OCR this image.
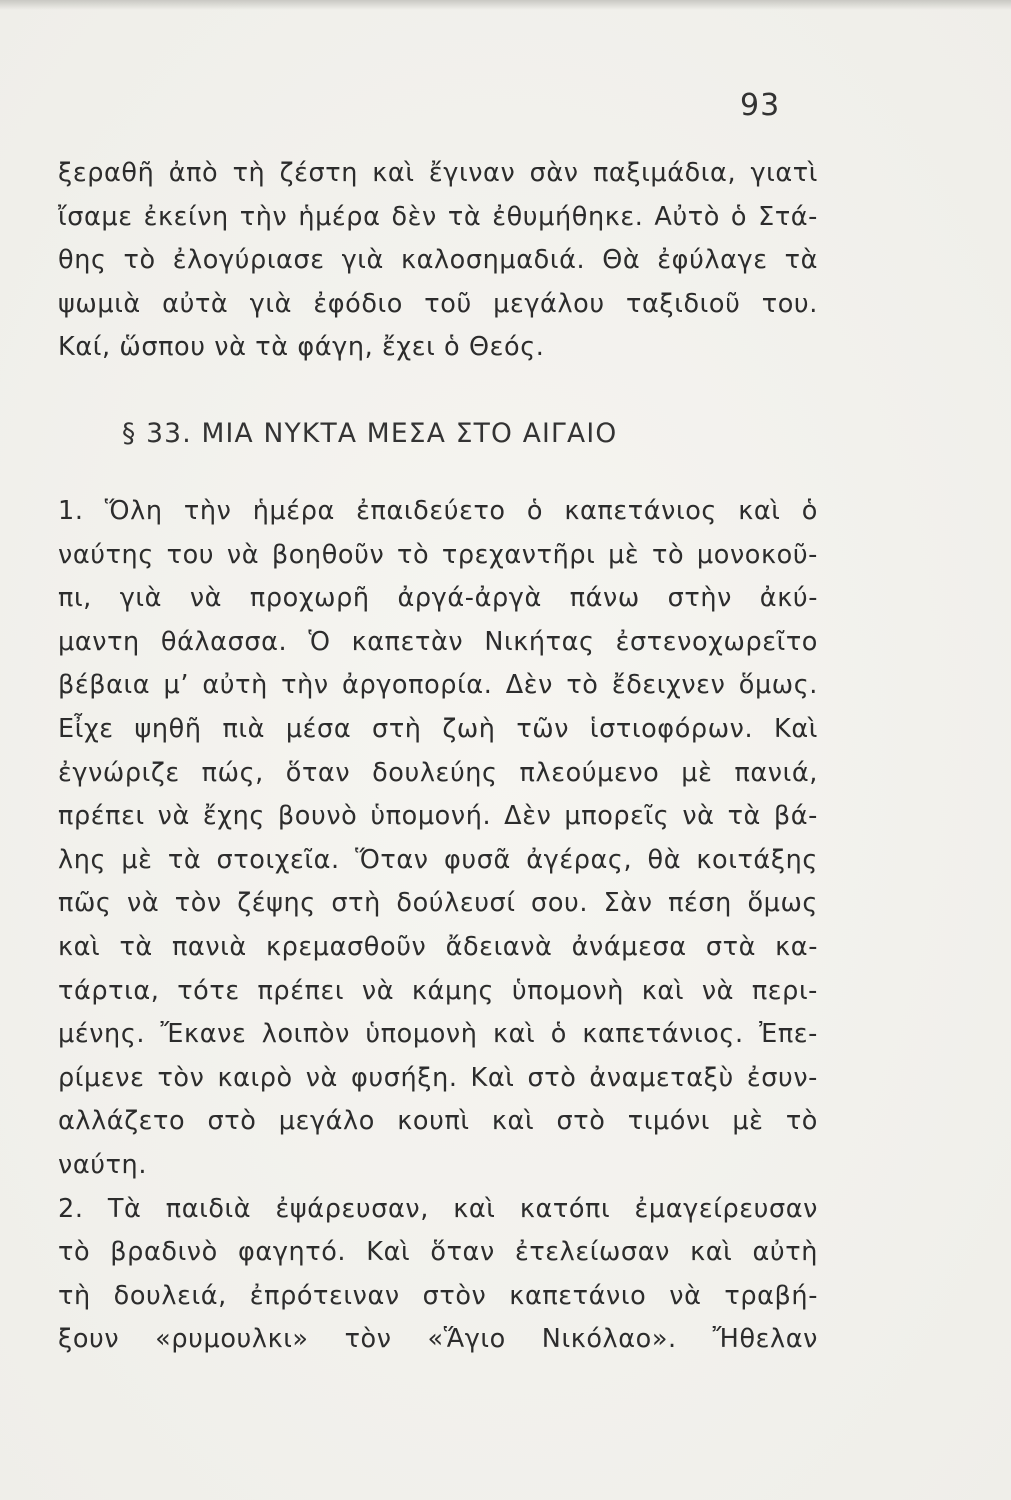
93
ξεραθῆ ἀπὸ τὴ ζέστη καὶ ἔγιναν σὰν παξιμάδια, γιατὶ
ἴσαμε ἐκείνη τὴν ἡμέρα δὲν τὰ ἐθυμήθηκε. Αὐτὸ ὁ Στά-
θης τὸ ἐλογύριασε γιὰ καλοσημαδιά. Θὰ ἐφύλαγε τὰ
ψωμιὰ αὐτὰ γιὰ ἐφόδιο τοῦ μεγάλου ταξιδιοῦ του.
Καί, ὥσπου νὰ τὰ φάγη, ἔχει ὁ Θεός.
§ 33. ΜΙΑ ΝΥΚΤΑ ΜΕΣΑ ΣΤΟ ΑΙΓΑΙΟ
1. Ὅλη τὴν ἡμέρα ἐπαιδεύετο ὁ καπετάνιος καὶ ὁ
ναύτης του νὰ βοηθοῦν τὸ τρεχαντῆρι μὲ τὸ μονοκοῦ-
πι, γιὰ νὰ προχωρῆ ἀργά-ἀργὰ πάνω στὴν ἀκύ-
μαντη θάλασσα. Ὁ καπετὰν Νικήτας ἐστενοχωρεῖτο
βέβαια μ’ αὐτὴ τὴν ἀργοπορία. Δὲν τὸ ἔδειχνεν ὅμως.
Εἶχε ψηθῆ πιὰ μέσα στὴ ζωὴ τῶν ἱστιοφόρων. Καὶ
ἐγνώριζε πώς, ὅταν δουλεύης πλεούμενο μὲ πανιά,
πρέπει νὰ ἔχης βουνὸ ὑπομονή. Δὲν μπορεῖς νὰ τὰ βά-
λης μὲ τὰ στοιχεῖα. Ὅταν φυσᾶ ἀγέρας, θὰ κοιτάξης
πῶς νὰ τὸν ζέψης στὴ δούλευσί σου. Σὰν πέση ὅμως
καὶ τὰ πανιὰ κρεμασθοῦν ἄδειανὰ ἀνάμεσα στὰ κα-
τάρτια, τότε πρέπει νὰ κάμης ὑπομονὴ καὶ νὰ περι-
μένης. Ἔκανε λοιπὸν ὑπομονὴ καὶ ὁ καπετάνιος. Ἐπε-
ρίμενε τὸν καιρὸ νὰ φυσήξη. Καὶ στὸ ἀναμεταξὺ ἐσυν-
αλλάζετο στὸ μεγάλο κουπὶ καὶ στὸ τιμόνι μὲ τὸ
ναύτη.
2. Τὰ παιδιὰ ἐψάρευσαν, καὶ κατόπι ἐμαγείρευσαν
τὸ βραδινὸ φαγητό. Καὶ ὅταν ἐτελείωσαν καὶ αὐτὴ
τὴ δουλειά, ἐπρότειναν στὸν καπετάνιο νὰ τραβή-
ξουν «ρυμουλκι» τὸν «Ἅγιο Νικόλαο». Ἤθελαν
